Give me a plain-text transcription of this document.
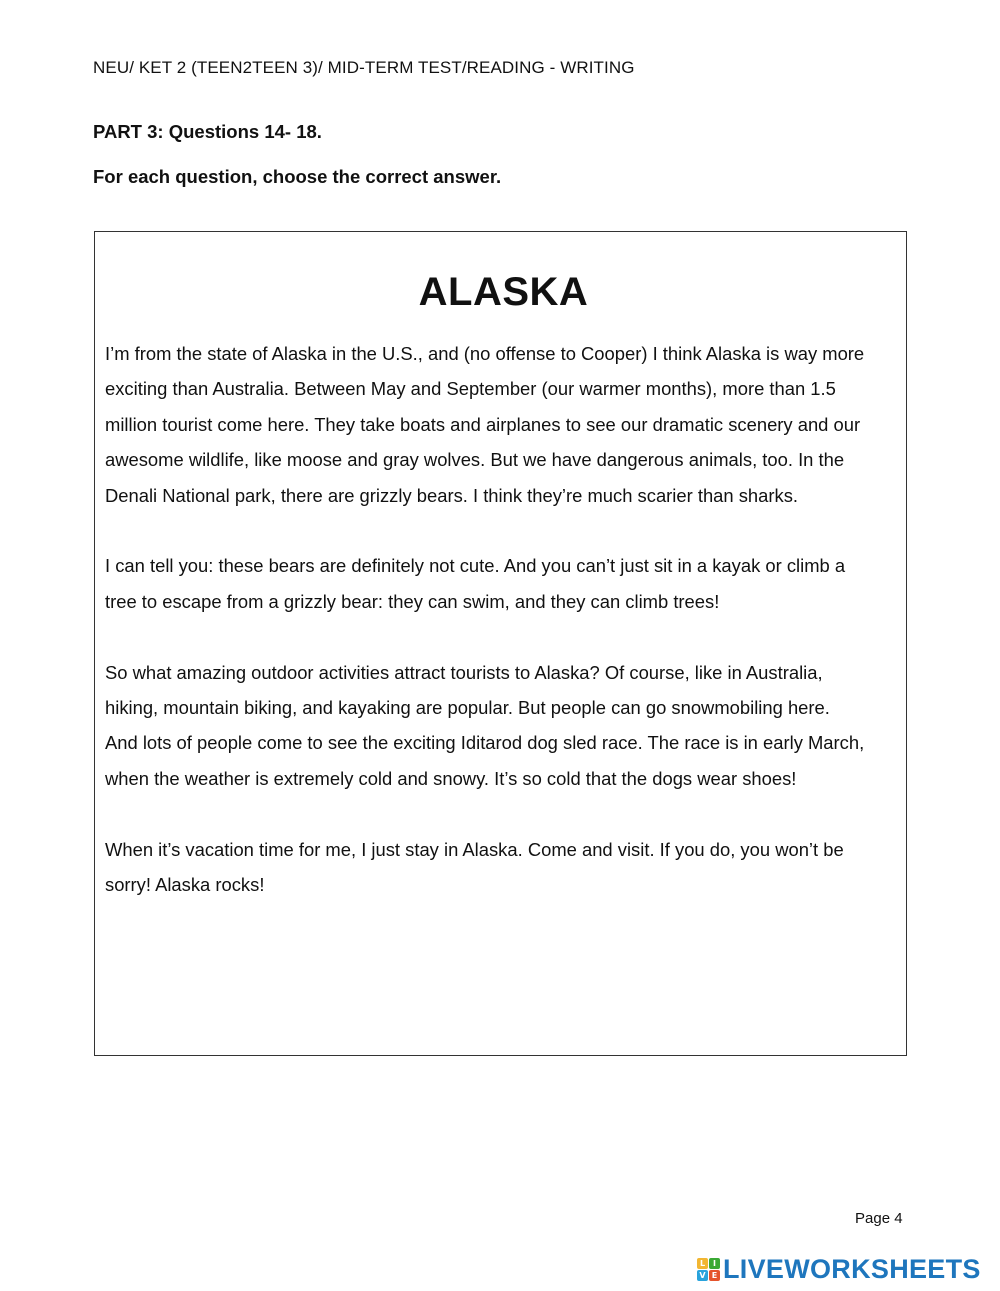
NEU/ KET 2 (TEEN2TEEN 3)/ MID-TERM TEST/READING - WRITING
PART 3: Questions 14- 18.
For each question, choose the correct answer.
ALASKA

I’m from the state of Alaska in the U.S., and (no offense to Cooper) I think Alaska is way more exciting than Australia. Between May and September (our warmer months), more than 1.5 million tourist come here. They take boats and airplanes to see our dramatic scenery and our awesome wildlife, like moose and gray wolves. But we have dangerous animals, too. In the Denali National park, there are grizzly bears. I think they’re much scarier than sharks.

I can tell you: these bears are definitely not cute. And you can’t just sit in a kayak or climb a tree to escape from a grizzly bear: they can swim, and they can climb trees!

So what amazing outdoor activities attract tourists to Alaska? Of course, like in Australia, hiking, mountain biking, and kayaking are popular. But people can go snowmobiling here. And lots of people come to see the exciting Iditarod dog sled race. The race is in early March, when the weather is extremely cold and snowy. It’s so cold that the dogs wear shoes!

When it’s vacation time for me, I just stay in Alaska. Come and visit. If you do, you won’t be sorry! Alaska rocks!

Page 4
L I
V E LIVEWORKSHEETS
